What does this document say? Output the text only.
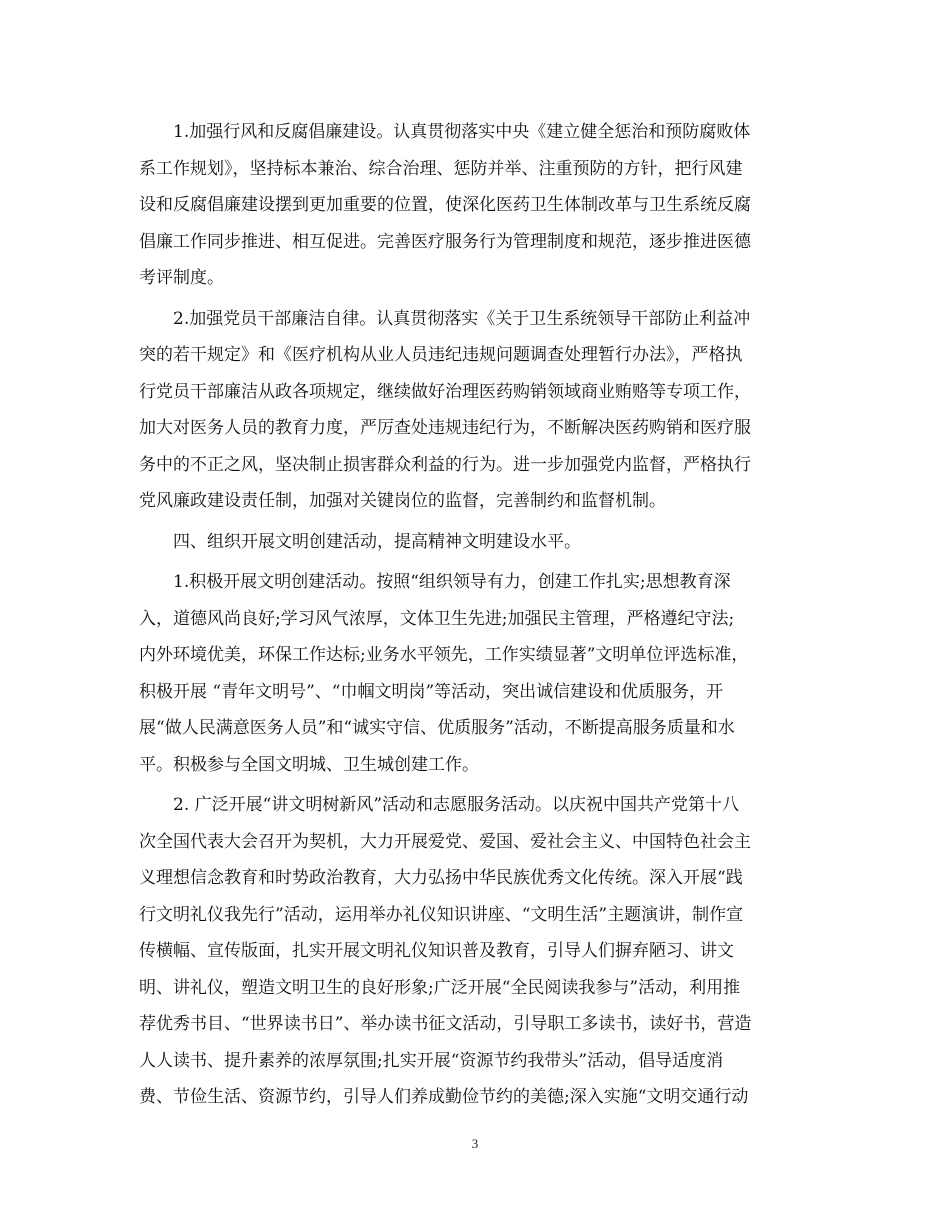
　　1.加强行风和反腐倡廉建设。认真贯彻落实中央《建立健全惩治和预防腐败体
系工作规划》，坚持标本兼治、综合治理、惩防并举、注重预防的方针，把行风建
设和反腐倡廉建设摆到更加重要的位置，使深化医药卫生体制改革与卫生系统反腐
倡廉工作同步推进、相互促进。完善医疗服务行为管理制度和规范，逐步推进医德
考评制度。
　　2.加强党员干部廉洁自律。认真贯彻落实《关于卫生系统领导干部防止利益冲
突的若干规定》和《医疗机构从业人员违纪违规问题调查处理暂行办法》，严格执
行党员干部廉洁从政各项规定，继续做好治理医药购销领域商业贿赂等专项工作，
加大对医务人员的教育力度，严厉查处违规违纪行为，不断解决医药购销和医疗服
务中的不正之风，坚决制止损害群众利益的行为。进一步加强党内监督，严格执行
党风廉政建设责任制，加强对关键岗位的监督，完善制约和监督机制。
　　四、组织开展文明创建活动，提高精神文明建设水平。
　　1.积极开展文明创建活动。按照“组织领导有力，创建工作扎实;思想教育深
入，道德风尚良好;学习风气浓厚，文体卫生先进;加强民主管理，严格遵纪守法;
内外环境优美，环保工作达标;业务水平领先，工作实绩显著”文明单位评选标准，
积极开展 “青年文明号”、“巾帼文明岗”等活动，突出诚信建设和优质服务，开
展“做人民满意医务人员”和“诚实守信、优质服务”活动，不断提高服务质量和水
平。积极参与全国文明城、卫生城创建工作。
　　2. 广泛开展“讲文明树新风”活动和志愿服务活动。以庆祝中国共产党第十八
次全国代表大会召开为契机，大力开展爱党、爱国、爱社会主义、中国特色社会主
义理想信念教育和时势政治教育，大力弘扬中华民族优秀文化传统。深入开展“践
行文明礼仪我先行”活动，运用举办礼仪知识讲座、“文明生活”主题演讲，制作宣
传横幅、宣传版面，扎实开展文明礼仪知识普及教育，引导人们摒弃陋习、讲文
明、讲礼仪，塑造文明卫生的良好形象;广泛开展“全民阅读我参与”活动，利用推
荐优秀书目、“世界读书日”、举办读书征文活动，引导职工多读书，读好书，营造
人人读书、提升素养的浓厚氛围;扎实开展“资源节约我带头”活动，倡导适度消
费、节俭生活、资源节约，引导人们养成勤俭节约的美德;深入实施“文明交通行动
3
